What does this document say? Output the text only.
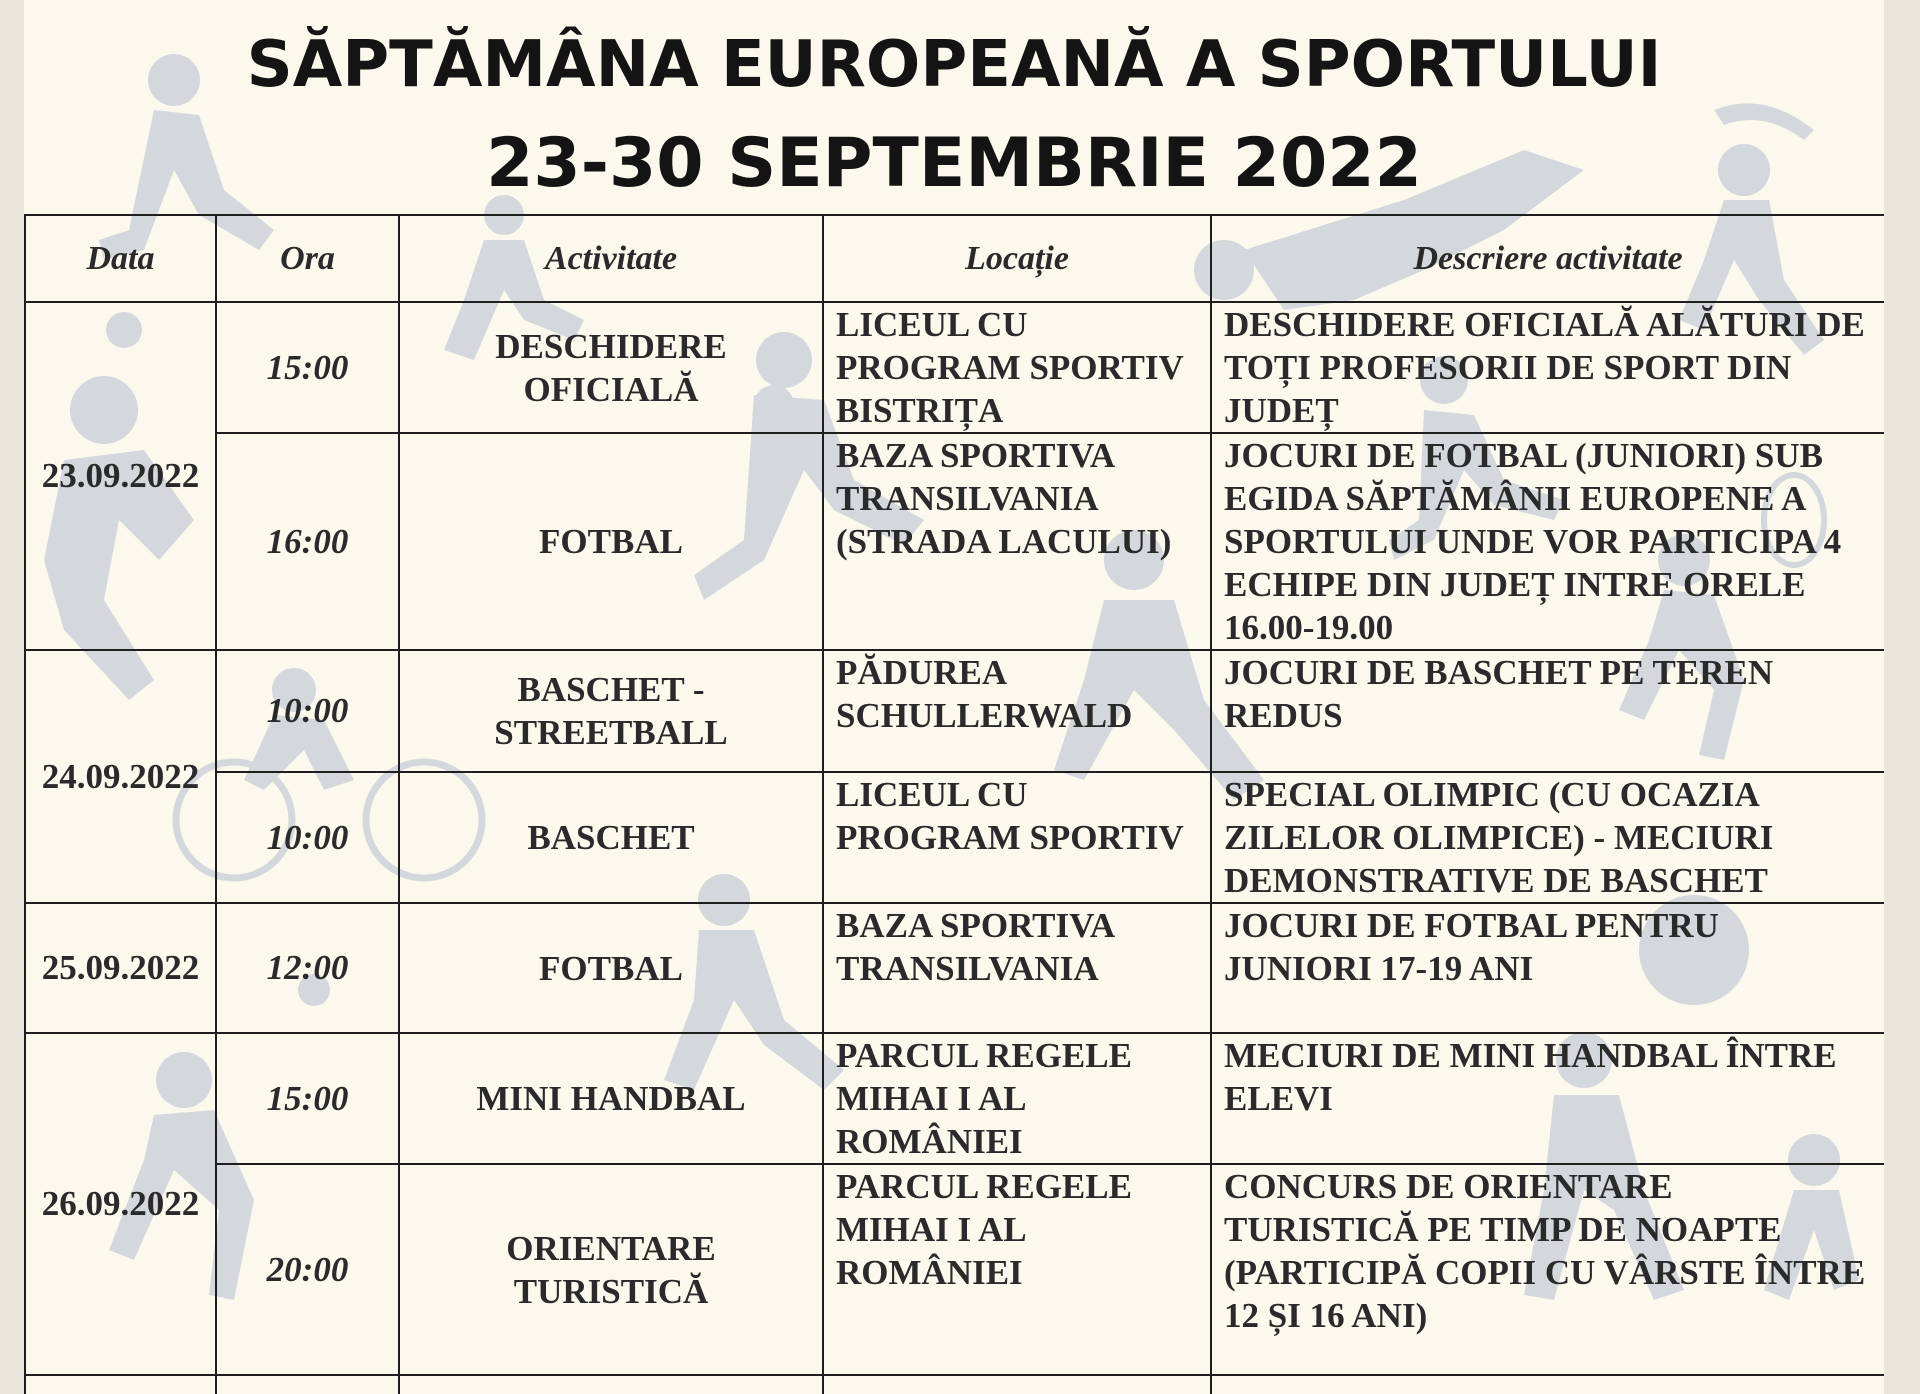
SĂPTĂMÂNA EUROPEANĂ A SPORTULUI
23-30 SEPTEMBRIE 2022
Data	Ora	Activitate	Locație	Descriere activitate
23.09.2022	15:00	DESCHIDERE OFICIALĂ	LICEUL CU PROGRAM SPORTIV BISTRIȚA	DESCHIDERE OFICIALĂ ALĂTURI DE TOȚI PROFESORII DE SPORT DIN JUDEȚ
	16:00	FOTBAL	BAZA SPORTIVA TRANSILVANIA (STRADA LACULUI)	JOCURI DE FOTBAL (JUNIORI) SUB EGIDA SĂPTĂMÂNII EUROPENE A SPORTULUI UNDE VOR PARTICIPA 4 ECHIPE DIN JUDEȚ INTRE ORELE 16.00-19.00
24.09.2022	10:00	BASCHET - STREETBALL	PĂDUREA SCHULLERWALD	JOCURI DE BASCHET PE TEREN REDUS
	10:00	BASCHET	LICEUL CU PROGRAM SPORTIV	SPECIAL OLIMPIC (CU OCAZIA ZILELOR OLIMPICE) - MECIURI DEMONSTRATIVE DE BASCHET
25.09.2022	12:00	FOTBAL	BAZA SPORTIVA TRANSILVANIA	JOCURI DE FOTBAL PENTRU JUNIORI 17-19 ANI
26.09.2022	15:00	MINI HANDBAL	PARCUL REGELE MIHAI I AL ROMÂNIEI	MECIURI DE MINI HANDBAL ÎNTRE ELEVI
	20:00	ORIENTARE TURISTICĂ	PARCUL REGELE MIHAI I AL ROMÂNIEI	CONCURS DE ORIENTARE TURISTICĂ PE TIMP DE NOAPTE (PARTICIPĂ COPII CU VÂRSTE ÎNTRE 12 ȘI 16 ANI)
